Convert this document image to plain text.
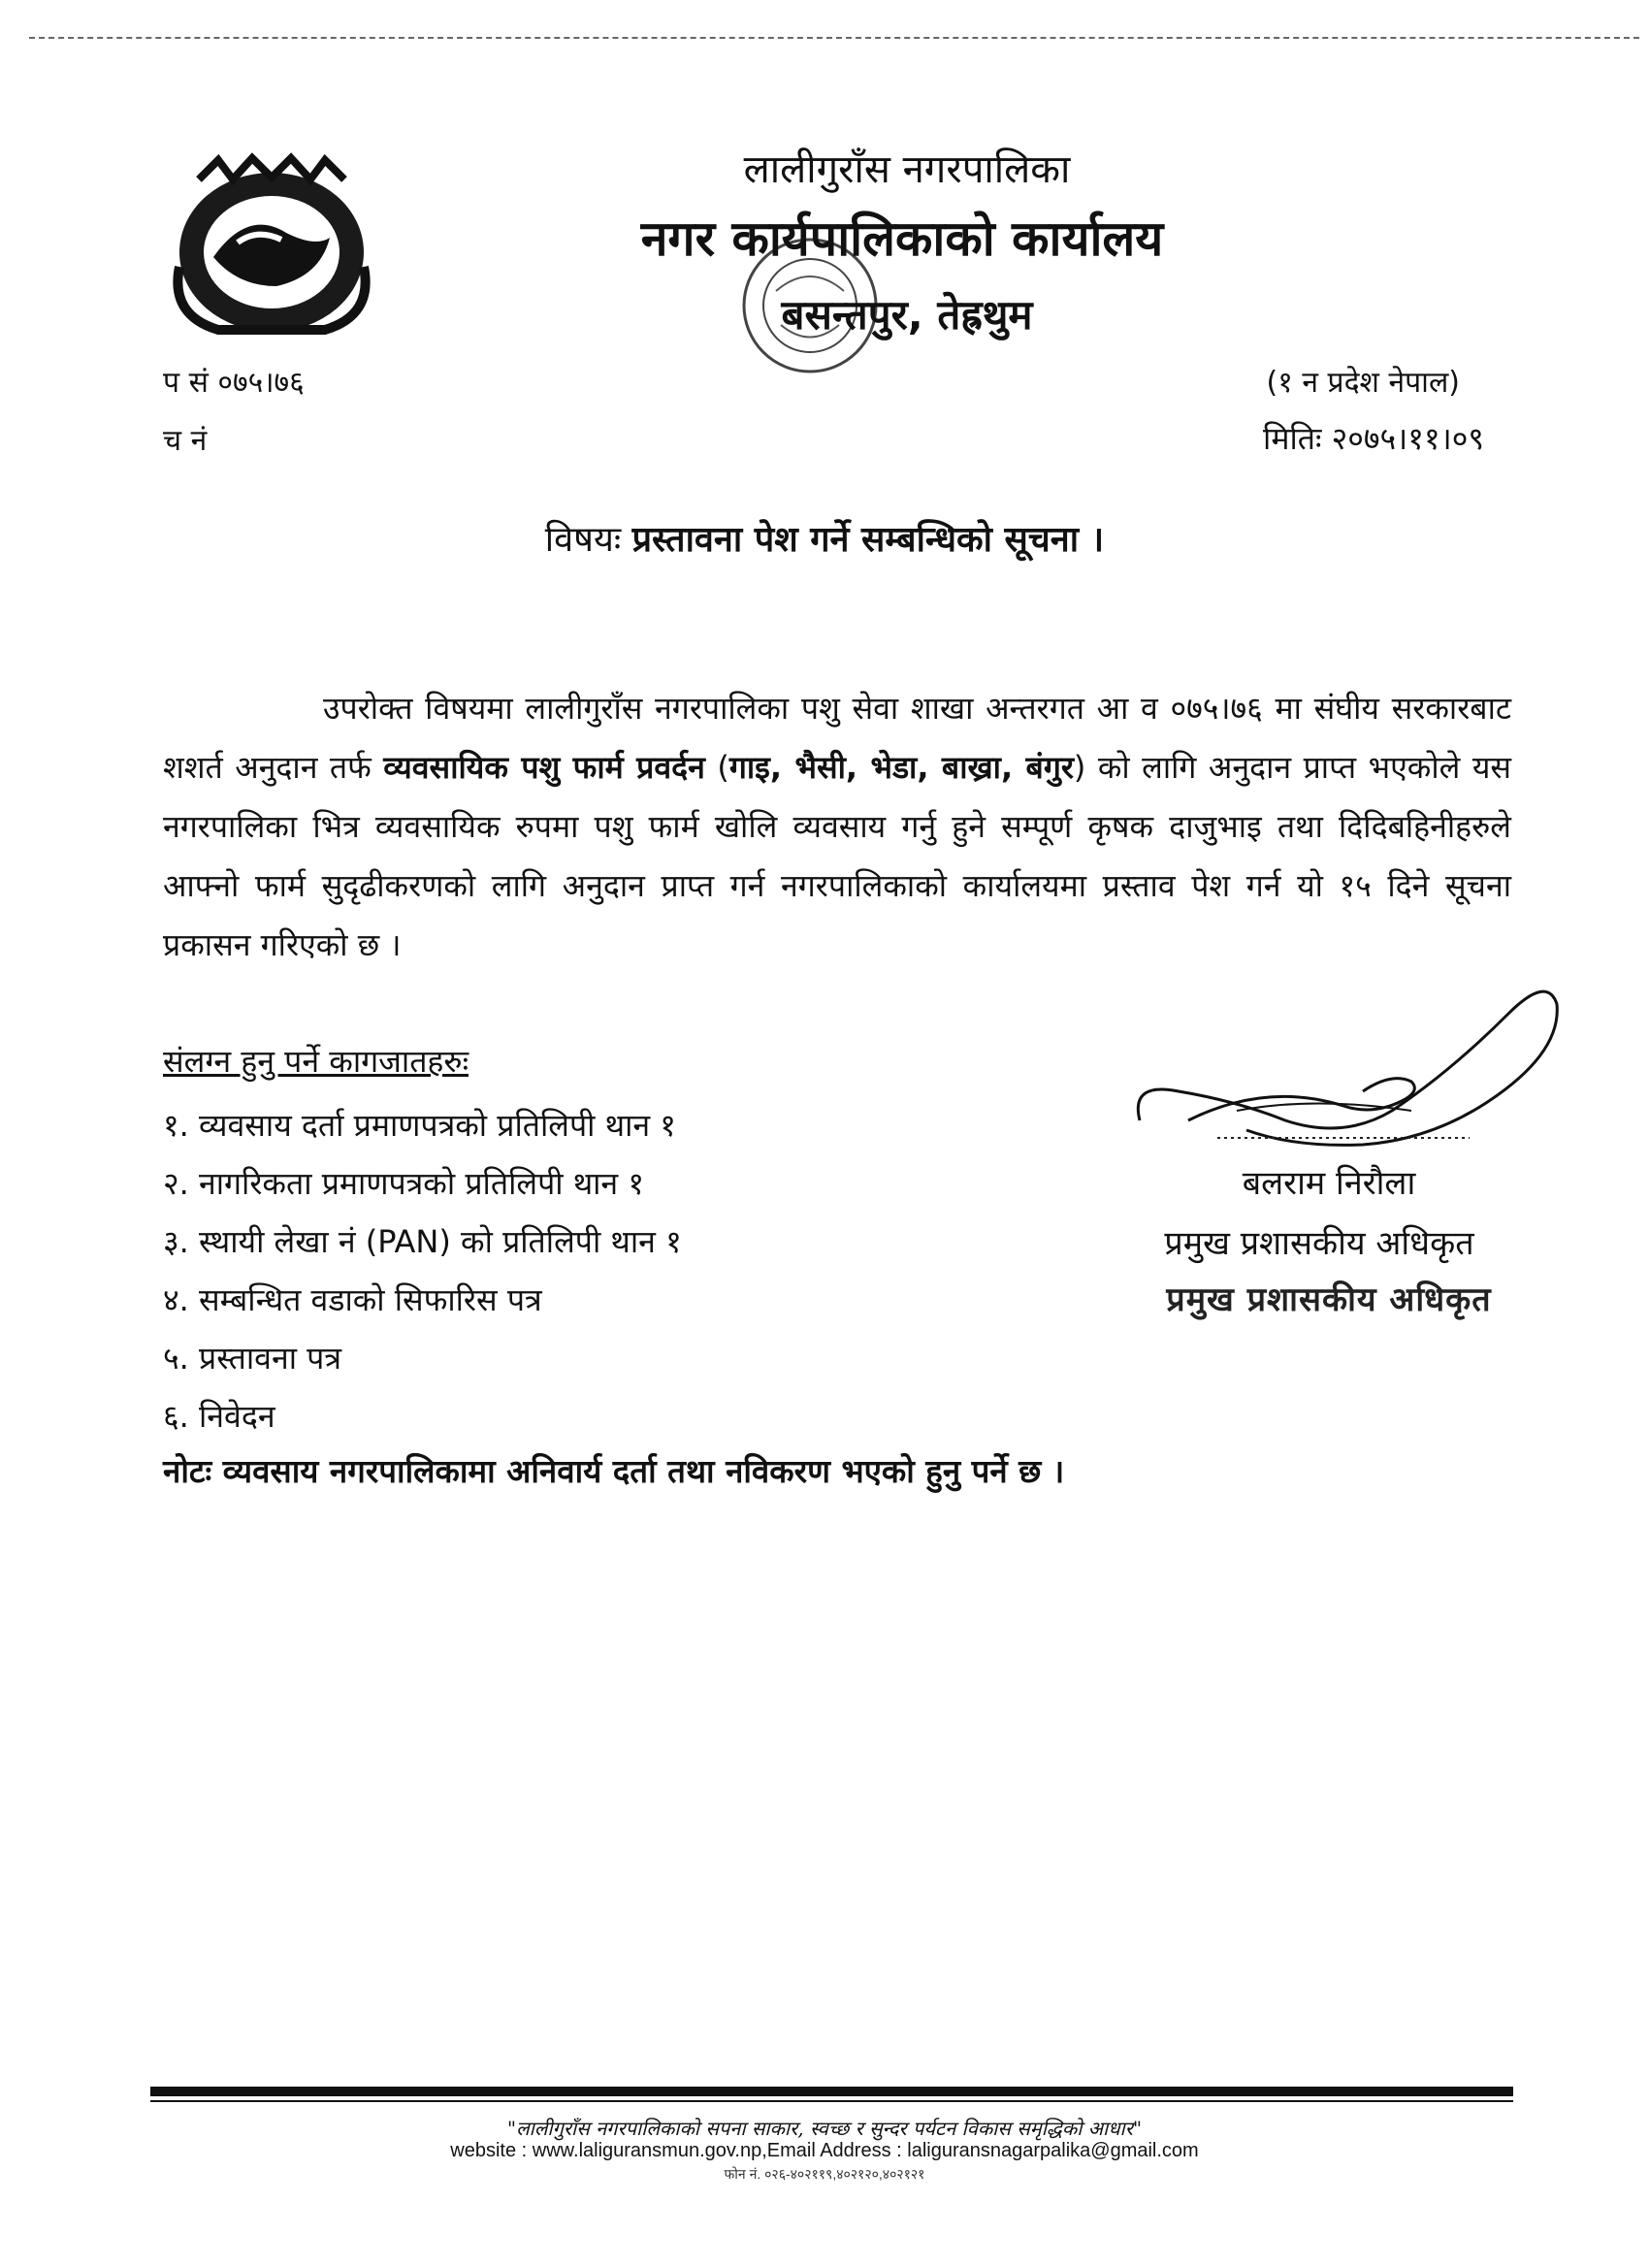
लालीगुराँस नगरपालिका
नगर कार्यपालिकाको कार्यालय
बसन्तपुर, तेह्रथुम
प सं ०७५।७६
च नं
(१ न प्रदेश नेपाल)
मितिः २०७५।११।०९
विषयः प्रस्तावना पेश गर्ने सम्बन्धिको सूचना ।
उपरोक्त विषयमा लालीगुराँस नगरपालिका पशु सेवा शाखा अन्तरगत आ व ०७५।७६ मा संघीय सरकारबाट शशर्त अनुदान तर्फ व्यवसायिक पशु फार्म प्रवर्दन (गाइ, भैसी, भेडा, बाख्रा, बंगुर) को लागि अनुदान प्राप्त भएकोले यस नगरपालिका भित्र व्यवसायिक रुपमा पशु फार्म खोलि व्यवसाय गर्नु हुने सम्पूर्ण कृषक दाजुभाइ तथा दिदिबहिनीहरुले आफ्नो फार्म सुदृढीकरणको लागि अनुदान प्राप्त गर्न नगरपालिकाको कार्यालयमा प्रस्ताव पेश गर्न यो १५ दिने सूचना प्रकासन गरिएको छ ।
संलग्न हुनु पर्ने कागजातहरुः
१. व्यवसाय दर्ता प्रमाणपत्रको प्रतिलिपी थान १
२. नागरिकता प्रमाणपत्रको प्रतिलिपी थान १
३. स्थायी लेखा नं (PAN) को प्रतिलिपी थान १
४. सम्बन्धित वडाको सिफारिस पत्र
५. प्रस्तावना पत्र
६. निवेदन
नोटः व्यवसाय नगरपालिकामा अनिवार्य दर्ता तथा नविकरण भएको हुनु पर्ने छ ।
बलराम निरौला
प्रमुख प्रशासकीय अधिकृत
प्रमुख प्रशासकीय अधिकृत
"लालीगुराँस नगरपालिकाको सपना साकार, स्वच्छ र सुन्दर पर्यटन विकास समृद्धिको आधार"
website : www.laliguransmun.gov.np,Email Address : laliguransnagarpalika@gmail.com
फोन नं. ०२६-४०२११९,४०२१२०,४०२१२१
